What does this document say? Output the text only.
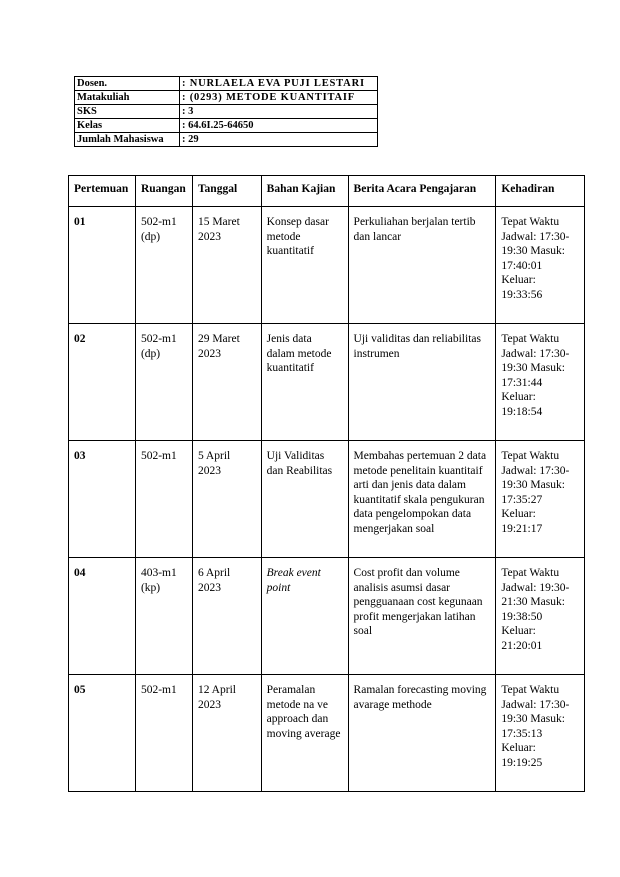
Dosen.	: NURLAELA EVA PUJI LESTARI
Matakuliah	: (0293) METODE KUANTITAIF
SKS	: 3
Kelas	: 64.6I.25-64650
Jumlah Mahasiswa	: 29
Pertemuan	Ruangan	Tanggal	Bahan Kajian	Berita Acara Pengajaran	Kehadiran
01	502-m1 (dp)	15 Maret 2023	Konsep dasar metode kuantitatif	Perkuliahan berjalan tertib dan lancar	Tepat Waktu Jadwal: 17:30-19:30 Masuk: 17:40:01 Keluar: 19:33:56
02	502-m1 (dp)	29 Maret 2023	Jenis data dalam metode kuantitatif	Uji validitas dan reliabilitas instrumen	Tepat Waktu Jadwal: 17:30-19:30 Masuk: 17:31:44 Keluar: 19:18:54
03	502-m1	5 April 2023	Uji Validitas dan Reabilitas	Membahas pertemuan 2 data metode penelitain kuantitaif arti dan jenis data dalam kuantitatif skala pengukuran data pengelompokan data mengerjakan soal	Tepat Waktu Jadwal: 17:30-19:30 Masuk: 17:35:27 Keluar: 19:21:17
04	403-m1 (kp)	6 April 2023	Break event point	Cost profit dan volume analisis asumsi dasar pengguanaan cost kegunaan profit mengerjakan latihan soal	Tepat Waktu Jadwal: 19:30-21:30 Masuk: 19:38:50 Keluar: 21:20:01
05	502-m1	12 April 2023	Peramalan metode na ve approach dan moving average	Ramalan forecasting moving avarage methode	Tepat Waktu Jadwal: 17:30-19:30 Masuk: 17:35:13 Keluar: 19:19:25
